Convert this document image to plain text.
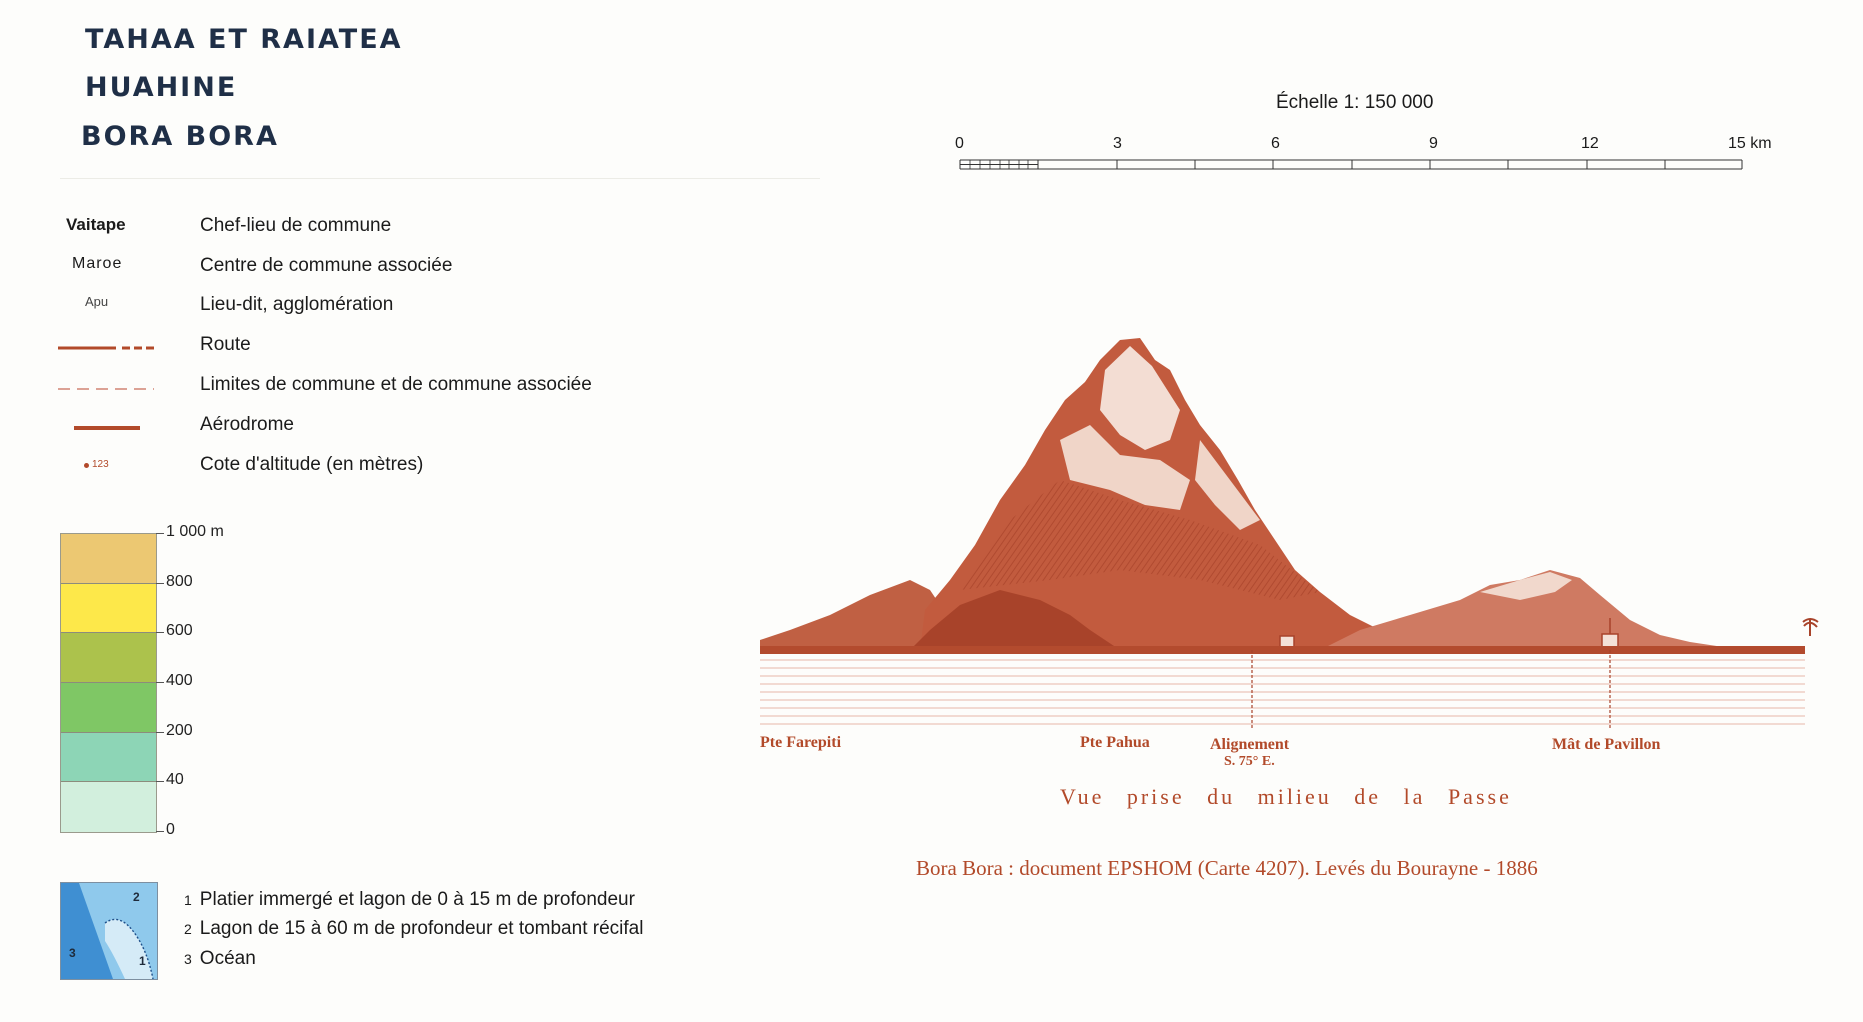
TAHAA ET RAIATEA
HUAHINE
BORA BORA
Vaitape	Chef-lieu de commune
Maroe	Centre de commune associée
Apu	Lieu-dit, agglomération
Route
Limites de commune et de commune associée
Aérodrome
123	Cote d'altitude (en mètres)
1 000 m
800
600
400
200
40
0
2
3
1
1 Platier immergé et lagon de 0 à 15 m de profondeur
2 Lagon de 15 à 60 m de profondeur et tombant récifal
3 Océan
Échelle 1: 150 000
0	3	6	9	12	15 km
Pte Farepiti	Pte Pahua	Alignement
S. 75° E.
Mât de Pavillon
Vue prise du milieu de la Passe
Bora Bora : document EPSHOM (Carte 4207). Levés du Bourayne - 1886
